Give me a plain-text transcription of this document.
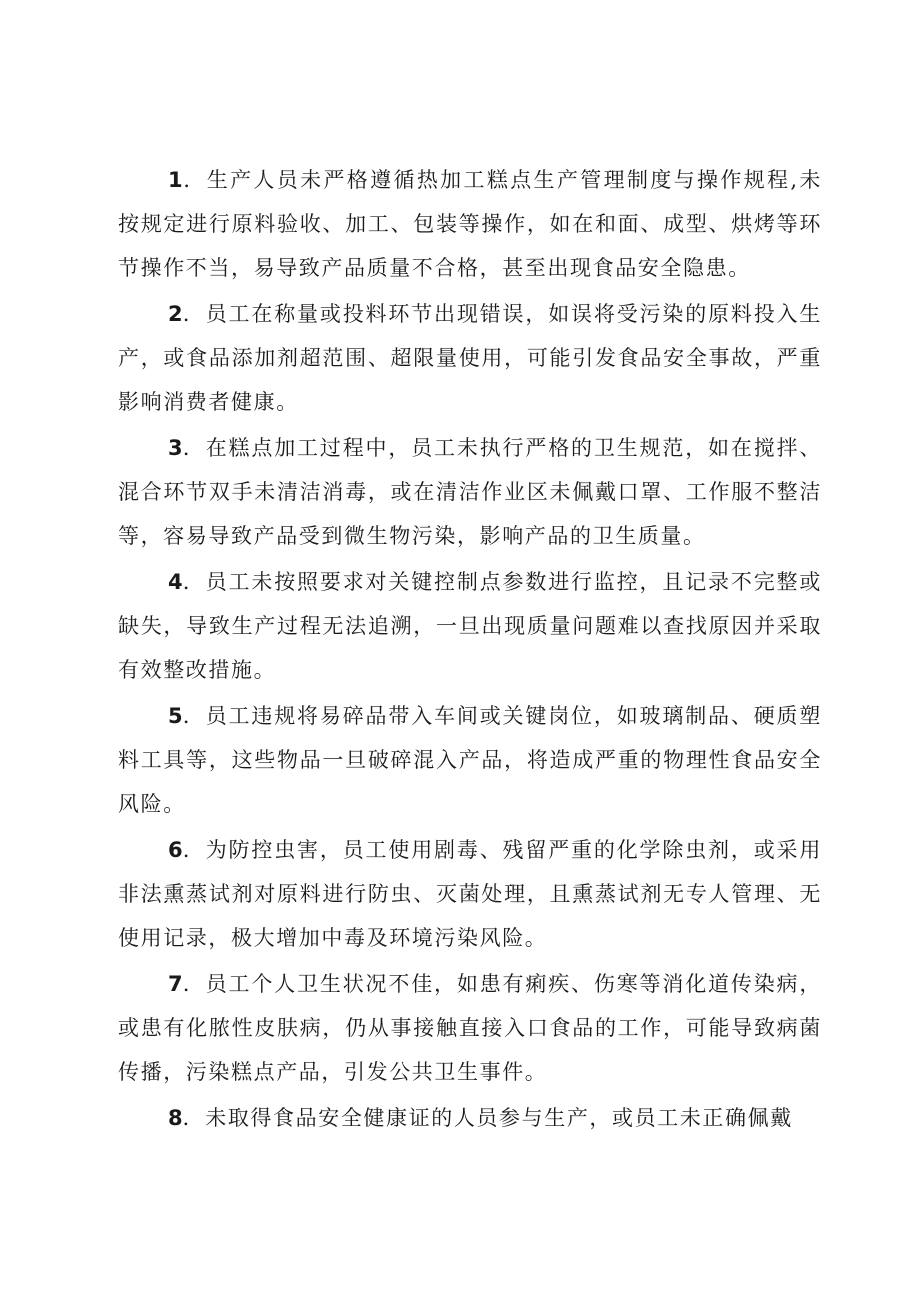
1．生产人员未严格遵循热加工糕点生产管理制度与操作规程,未按规定进行原料验收、加工、包装等操作，如在和面、成型、烘烤等环节操作不当，易导致产品质量不合格，甚至出现食品安全隐患。

2．员工在称量或投料环节出现错误，如误将受污染的原料投入生产，或食品添加剂超范围、超限量使用，可能引发食品安全事故，严重影响消费者健康。

3．在糕点加工过程中，员工未执行严格的卫生规范，如在搅拌、混合环节双手未清洁消毒，或在清洁作业区未佩戴口罩、工作服不整洁等，容易导致产品受到微生物污染，影响产品的卫生质量。

4．员工未按照要求对关键控制点参数进行监控，且记录不完整或缺失，导致生产过程无法追溯，一旦出现质量问题难以查找原因并采取有效整改措施。

5．员工违规将易碎品带入车间或关键岗位，如玻璃制品、硬质塑料工具等，这些物品一旦破碎混入产品，将造成严重的物理性食品安全风险。

6．为防控虫害，员工使用剧毒、残留严重的化学除虫剂，或采用非法熏蒸试剂对原料进行防虫、灭菌处理，且熏蒸试剂无专人管理、无使用记录，极大增加中毒及环境污染风险。

7．员工个人卫生状况不佳，如患有痢疾、伤寒等消化道传染病，或患有化脓性皮肤病，仍从事接触直接入口食品的工作，可能导致病菌传播，污染糕点产品，引发公共卫生事件。

8．未取得食品安全健康证的人员参与生产，或员工未正确佩戴
